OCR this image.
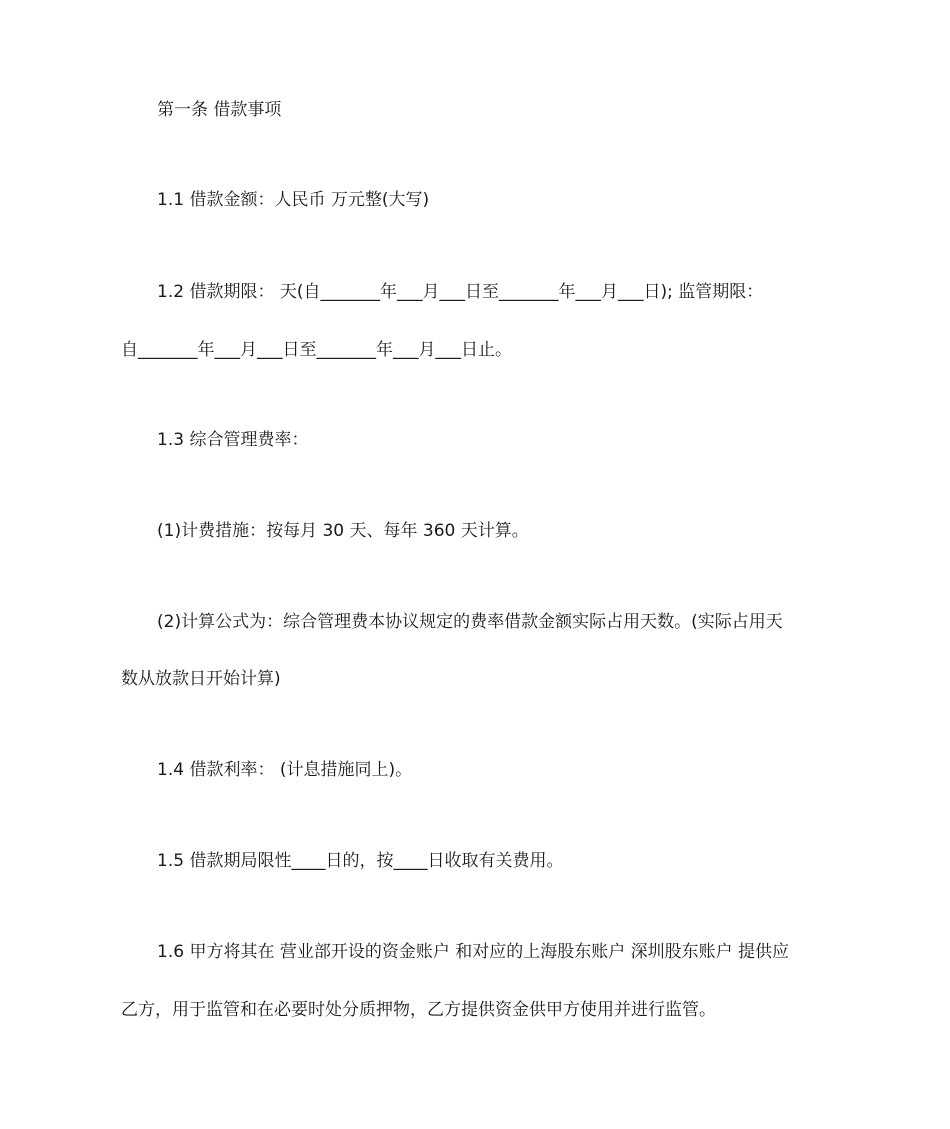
第一条 借款事项
1.1 借款金额：人民币 万元整(大写)
1.2 借款期限： 天(自_______年___月___日至_______年___月___日); 监管期限：
自_______年___月___日至_______年___月___日止。
1.3 综合管理费率：
(1)计费措施：按每月 30 天、每年 360 天计算。
(2)计算公式为：综合管理费本协议规定的费率借款金额实际占用天数。(实际占用天
数从放款日开始计算)
1.4 借款利率： (计息措施同上)。
1.5 借款期局限性____日的，按____日收取有关费用。
1.6 甲方将其在 营业部开设的资金账户 和对应的上海股东账户 深圳股东账户 提供应
乙方，用于监管和在必要时处分质押物，乙方提供资金供甲方使用并进行监管。
